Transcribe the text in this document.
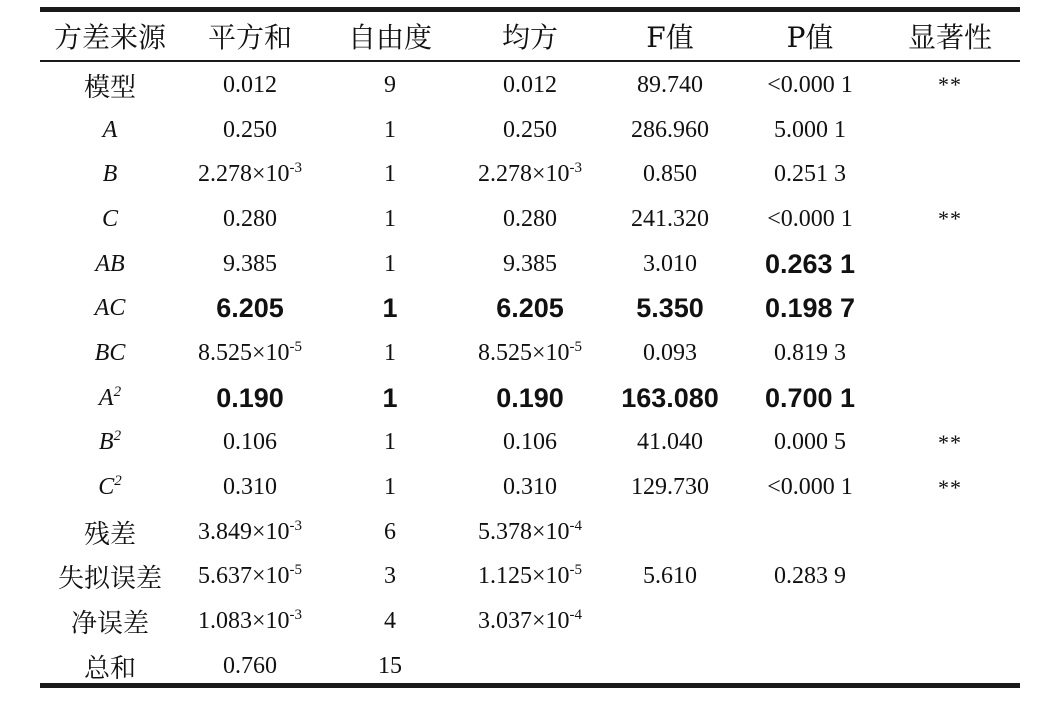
方差来源	平方和	自由度	均方	F值	P值	显著性
模型	0.012	9	0.012	89.740	<0.000 1	**
A	0.250	1	0.250	286.960	5.000 1	
B	$2.278\times 10^{-3}$	1	$2.278\times 10^{-3}$	0.850	0.251 3	
C	0.280	1	0.280	241.320	<0.000 1	**
AB	9.385	1	9.385	3.010	0.263 1	
AC	6.205	1	6.205	5.350	0.198 7	
BC	$8.525\times 10^{-5}$	1	$8.525\times 10^{-5}$	0.093	0.819 3	
$A^2$	0.190	1	0.190	163.080	0.700 1	
$B^2$	0.106	1	0.106	41.040	0.000 5	**
$C^2$	0.310	1	0.310	129.730	<0.000 1	**
残差	$3.849\times 10^{-3}$	6	$5.378\times 10^{-4}$			
失拟误差	$5.637\times 10^{-5}$	3	$1.125\times 10^{-5}$	5.610	0.283 9	
净误差	$1.083\times 10^{-3}$	4	$3.037\times 10^{-4}$			
总和	0.760	15				
